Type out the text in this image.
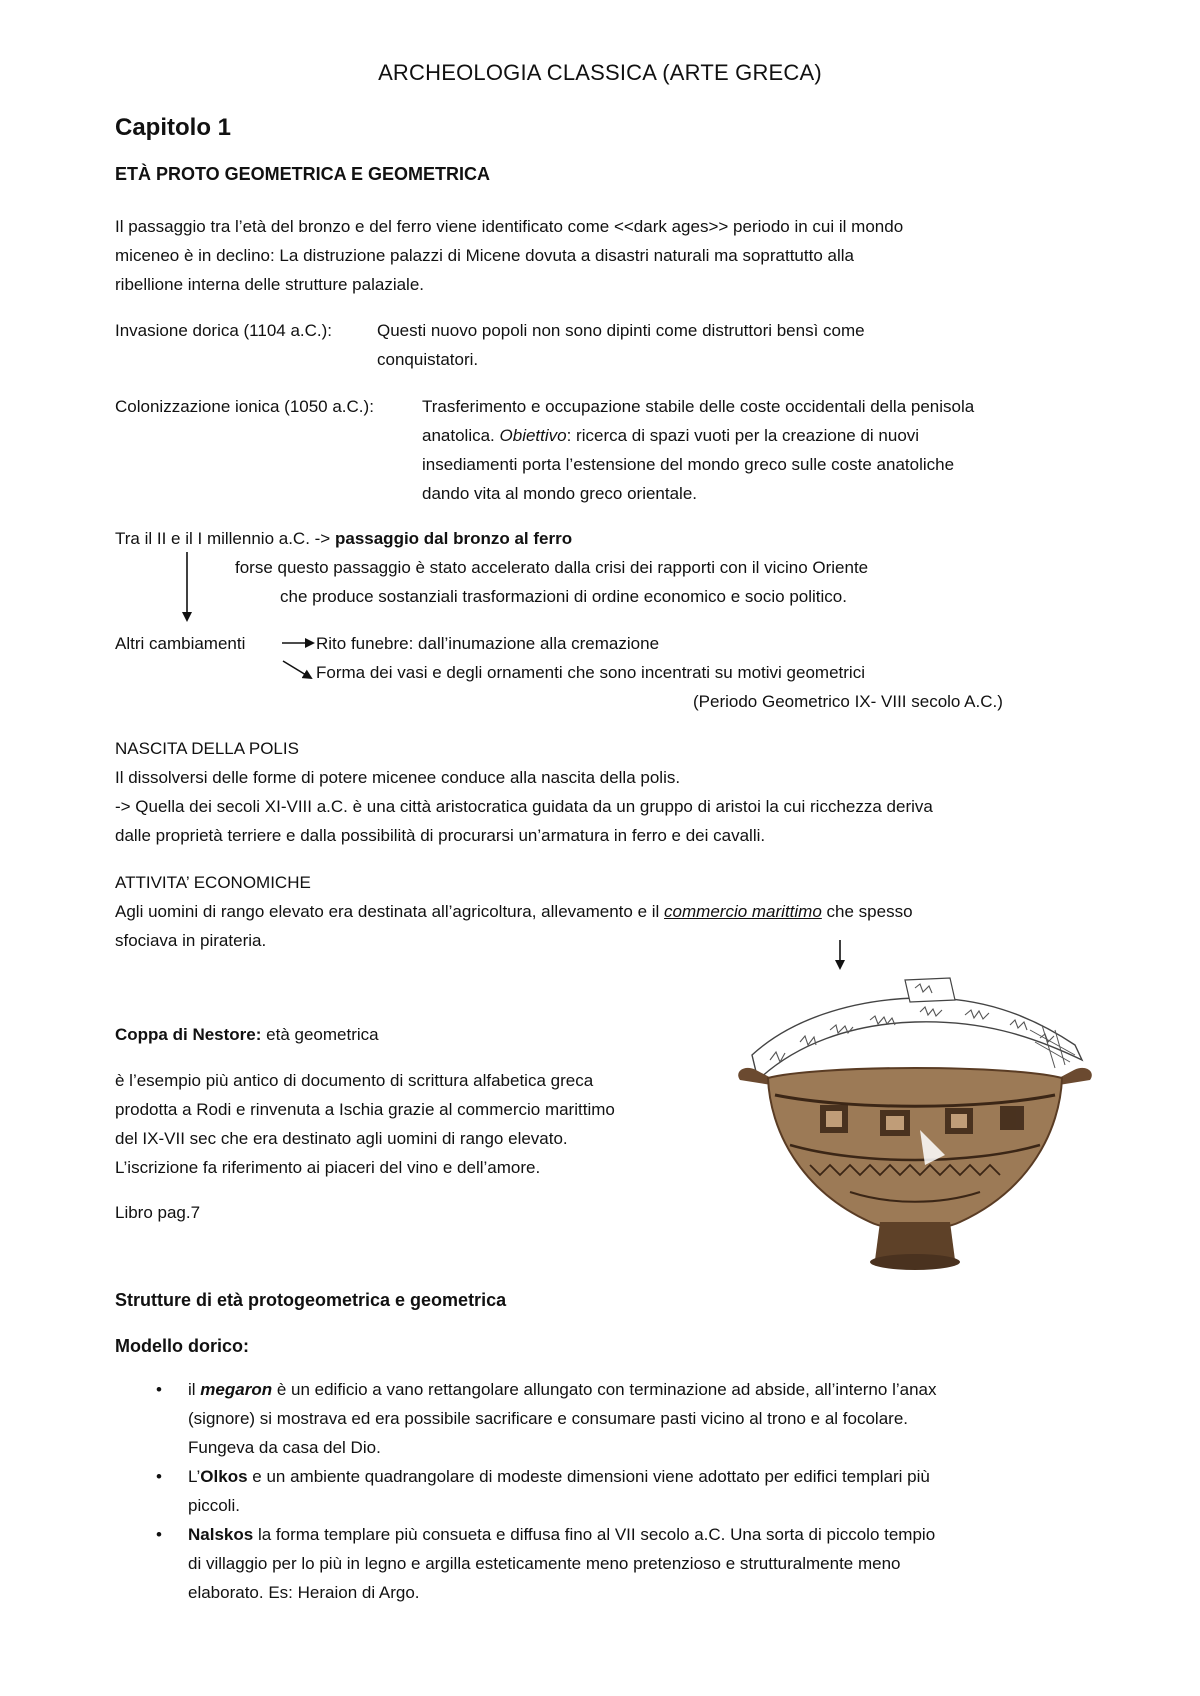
ARCHEOLOGIA CLASSICA (ARTE GRECA)
Capitolo 1
ETÀ PROTO GEOMETRICA E GEOMETRICA
Il passaggio tra l’età del bronzo e del ferro viene identificato come <<dark ages>> periodo in cui il mondo
miceneo è in declino: La distruzione palazzi di Micene dovuta a disastri naturali ma soprattutto alla
ribellione interna delle strutture palaziale.
Invasione dorica (1104 a.C.):	Questi nuovo popoli non sono dipinti come distruttori bensì come
conquistatori.
Colonizzazione ionica (1050 a.C.):	Trasferimento e occupazione stabile delle coste occidentali della penisola
anatolica. Obiettivo: ricerca di spazi vuoti per la creazione di nuovi
insediamenti porta l’estensione del mondo greco sulle coste anatoliche
dando vita al mondo greco orientale.
Tra il II e il I millennio a.C. -> passaggio dal bronzo al ferro
forse questo passaggio è stato accelerato dalla crisi dei rapporti con il vicino Oriente
che produce sostanziali trasformazioni di ordine economico e socio politico.
Altri cambiamenti	Rito funebre: dall’inumazione alla cremazione
Forma dei vasi e degli ornamenti che sono incentrati su motivi geometrici
(Periodo Geometrico IX- VIII secolo A.C.)
NASCITA DELLA POLIS
Il dissolversi delle forme di potere micenee conduce alla nascita della polis.
-> Quella dei secoli XI-VIII a.C. è una città aristocratica guidata da un gruppo di aristoi la cui ricchezza deriva
dalle proprietà terriere e dalla possibilità di procurarsi un’armatura in ferro e dei cavalli.
ATTIVITA’ ECONOMICHE
Agli uomini di rango elevato era destinata all’agricoltura, allevamento e il commercio marittimo che spesso
sfociava in pirateria.
Coppa di Nestore: età geometrica
è l’esempio più antico di documento di scrittura alfabetica greca
prodotta a Rodi e rinvenuta a Ischia grazie al commercio marittimo
del IX-VII sec che era destinato agli uomini di rango elevato.
L’iscrizione fa riferimento ai piaceri del vino e dell’amore.
Libro pag.7
Strutture di età protogeometrica e geometrica
Modello dorico:
• il megaron è un edificio a vano rettangolare allungato con terminazione ad abside, all’interno l’anax
(signore) si mostrava ed era possibile sacrificare e consumare pasti vicino al trono e al focolare.
Fungeva da casa del Dio.
• L’Olkos e un ambiente quadrangolare di modeste dimensioni viene adottato per edifici templari più
piccoli.
• Nalskos la forma templare più consueta e diffusa fino al VII secolo a.C. Una sorta di piccolo tempio
di villaggio per lo più in legno e argilla esteticamente meno pretenzioso e strutturalmente meno
elaborato. Es: Heraion di Argo.
